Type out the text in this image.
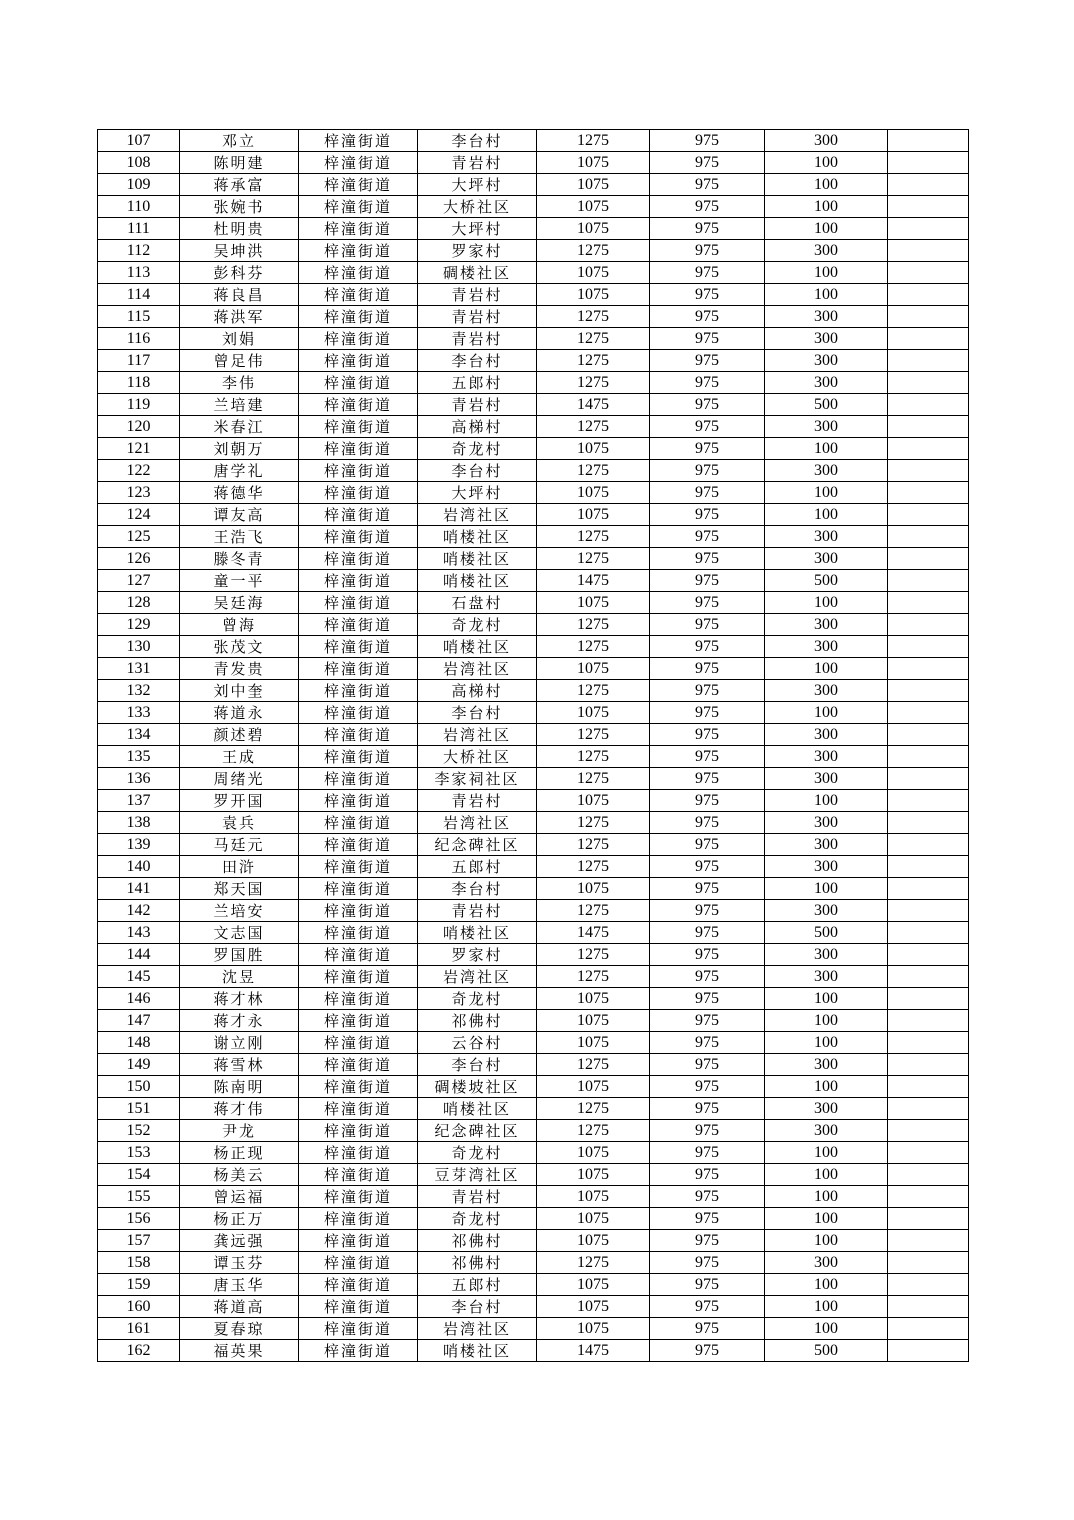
107	邓立	梓潼街道	李台村	1275	975	300	
108	陈明建	梓潼街道	青岩村	1075	975	100	
109	蒋承富	梓潼街道	大坪村	1075	975	100	
110	张婉书	梓潼街道	大桥社区	1075	975	100	
111	杜明贵	梓潼街道	大坪村	1075	975	100	
112	吴坤洪	梓潼街道	罗家村	1275	975	300	
113	彭科芬	梓潼街道	碉楼社区	1075	975	100	
114	蒋良昌	梓潼街道	青岩村	1075	975	100	
115	蒋洪军	梓潼街道	青岩村	1275	975	300	
116	刘娟	梓潼街道	青岩村	1275	975	300	
117	曾足伟	梓潼街道	李台村	1275	975	300	
118	李伟	梓潼街道	五郎村	1275	975	300	
119	兰培建	梓潼街道	青岩村	1475	975	500	
120	米春江	梓潼街道	高梯村	1275	975	300	
121	刘朝万	梓潼街道	奇龙村	1075	975	100	
122	唐学礼	梓潼街道	李台村	1275	975	300	
123	蒋德华	梓潼街道	大坪村	1075	975	100	
124	谭友高	梓潼街道	岩湾社区	1075	975	100	
125	王浩飞	梓潼街道	哨楼社区	1275	975	300	
126	滕冬青	梓潼街道	哨楼社区	1275	975	300	
127	童一平	梓潼街道	哨楼社区	1475	975	500	
128	吴廷海	梓潼街道	石盘村	1075	975	100	
129	曾海	梓潼街道	奇龙村	1275	975	300	
130	张茂文	梓潼街道	哨楼社区	1275	975	300	
131	青发贵	梓潼街道	岩湾社区	1075	975	100	
132	刘中奎	梓潼街道	高梯村	1275	975	300	
133	蒋道永	梓潼街道	李台村	1075	975	100	
134	颜述碧	梓潼街道	岩湾社区	1275	975	300	
135	王成	梓潼街道	大桥社区	1275	975	300	
136	周绪光	梓潼街道	李家祠社区	1275	975	300	
137	罗开国	梓潼街道	青岩村	1075	975	100	
138	袁兵	梓潼街道	岩湾社区	1275	975	300	
139	马廷元	梓潼街道	纪念碑社区	1275	975	300	
140	田浒	梓潼街道	五郎村	1275	975	300	
141	郑天国	梓潼街道	李台村	1075	975	100	
142	兰培安	梓潼街道	青岩村	1275	975	300	
143	文志国	梓潼街道	哨楼社区	1475	975	500	
144	罗国胜	梓潼街道	罗家村	1275	975	300	
145	沈昱	梓潼街道	岩湾社区	1275	975	300	
146	蒋才林	梓潼街道	奇龙村	1075	975	100	
147	蒋才永	梓潼街道	祁佛村	1075	975	100	
148	谢立刚	梓潼街道	云谷村	1075	975	100	
149	蒋雪林	梓潼街道	李台村	1275	975	300	
150	陈南明	梓潼街道	碉楼坡社区	1075	975	100	
151	蒋才伟	梓潼街道	哨楼社区	1275	975	300	
152	尹龙	梓潼街道	纪念碑社区	1275	975	300	
153	杨正现	梓潼街道	奇龙村	1075	975	100	
154	杨美云	梓潼街道	豆芽湾社区	1075	975	100	
155	曾运福	梓潼街道	青岩村	1075	975	100	
156	杨正万	梓潼街道	奇龙村	1075	975	100	
157	龚远强	梓潼街道	祁佛村	1075	975	100	
158	谭玉芬	梓潼街道	祁佛村	1275	975	300	
159	唐玉华	梓潼街道	五郎村	1075	975	100	
160	蒋道高	梓潼街道	李台村	1075	975	100	
161	夏春琼	梓潼街道	岩湾社区	1075	975	100	
162	福英果	梓潼街道	哨楼社区	1475	975	500	
